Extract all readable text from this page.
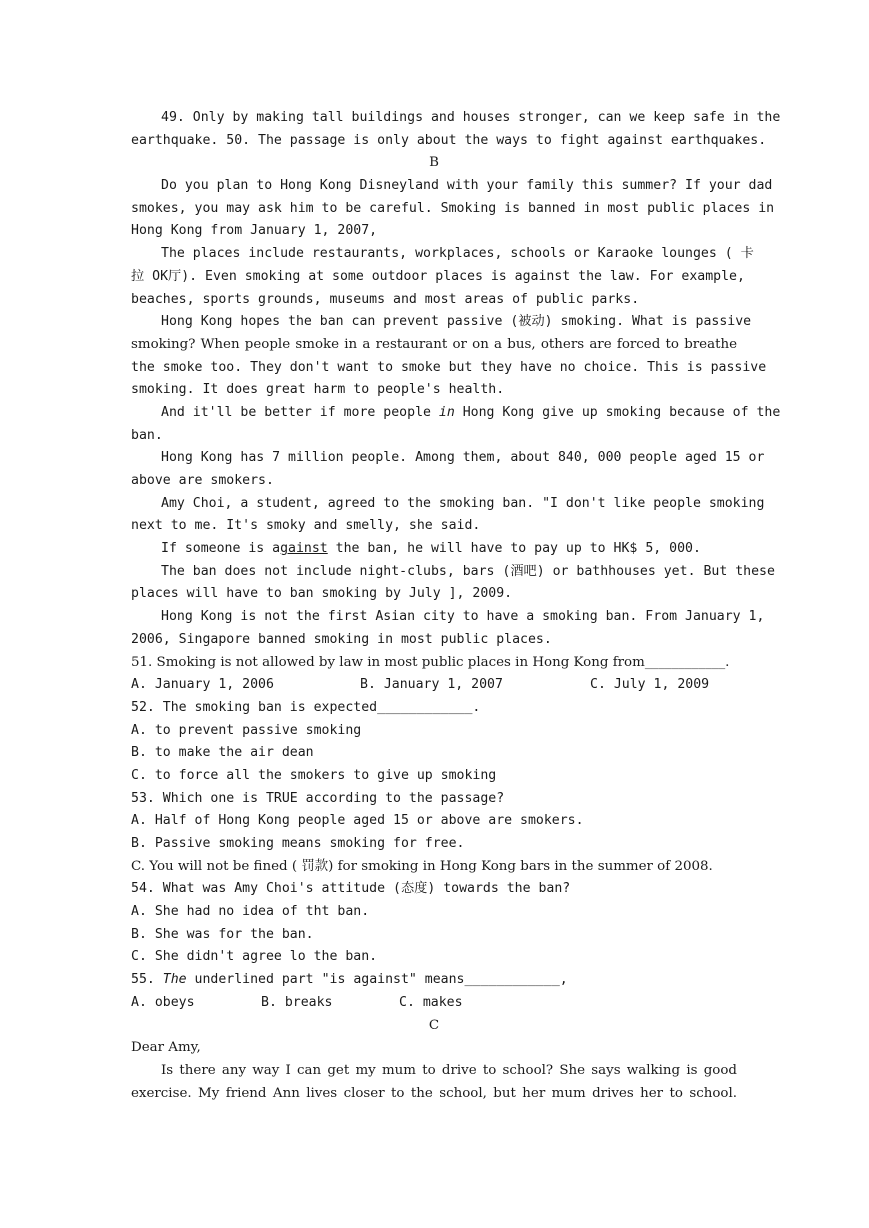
49. Only by making tall buildings and houses stronger, can we keep safe in the
earthquake. 50. The passage is only about the ways to fight against earthquakes.
B
Do you plan to Hong Kong Disneyland with your family this summer? If your dad
smokes, you may ask him to be careful. Smoking is banned in most public places in
Hong Kong from January 1, 2007,
The places include restaurants, workplaces, schools or Karaoke lounges ( 卡
拉 OK厅). Even smoking at some outdoor places is against the law. For example,
beaches, sports grounds, museums and most areas of public parks.
Hong Kong hopes the ban can prevent passive (被动) smoking. What is passive
smoking? When people smoke in a restaurant or on a bus, others are forced to breathe
the smoke too. They don't want to smoke but they have no choice. This is passive
smoking. It does great harm to people's health.
And it'll be better if more people in Hong Kong give up smoking because of the
ban.
Hong Kong has 7 million people. Among them, about 840, 000 people aged 15 or
above are smokers.
Amy Choi, a student, agreed to the smoking ban. "I don't like people smoking
next to me. It's smoky and smelly, she said.
If someone is against the ban, he will have to pay up to HK$ 5, 000.
The ban does not include night-clubs, bars (酒吧) or bathhouses yet. But these
places will have to ban smoking by July ], 2009.
Hong Kong is not the first Asian city to have a smoking ban. From January 1,
2006, Singapore banned smoking in most public places.
51. Smoking is not allowed by law in most public places in Hong Kong from____________.

A. January 1, 2006

	B. January 1, 2007

	C. July 1, 2009

52. The smoking ban is expected____________.
A. to prevent passive smoking
B. to make the air dean
C. to force all the smokers to give up smoking
53. Which one is TRUE according to the passage?
A. Half of Hong Kong people aged 15 or above are smokers.
B. Passive smoking means smoking for free.
C. You will not be fined ( 罚款) for smoking in Hong Kong bars in the summer of 2008.
54. What was Amy Choi's attitude (态度) towards the ban?
A. She had no idea of tht ban.
B. She was for the ban.
C. She didn't agree lo the ban.
55. The underlined part "is against" means____________,

A. obeys

	B. breaks

	C. makes

C
Dear Amy,
Is there any way I can get my mum to drive to school? She says walking is good
exercise. My friend Ann lives closer to the school, but her mum drives her to school.
